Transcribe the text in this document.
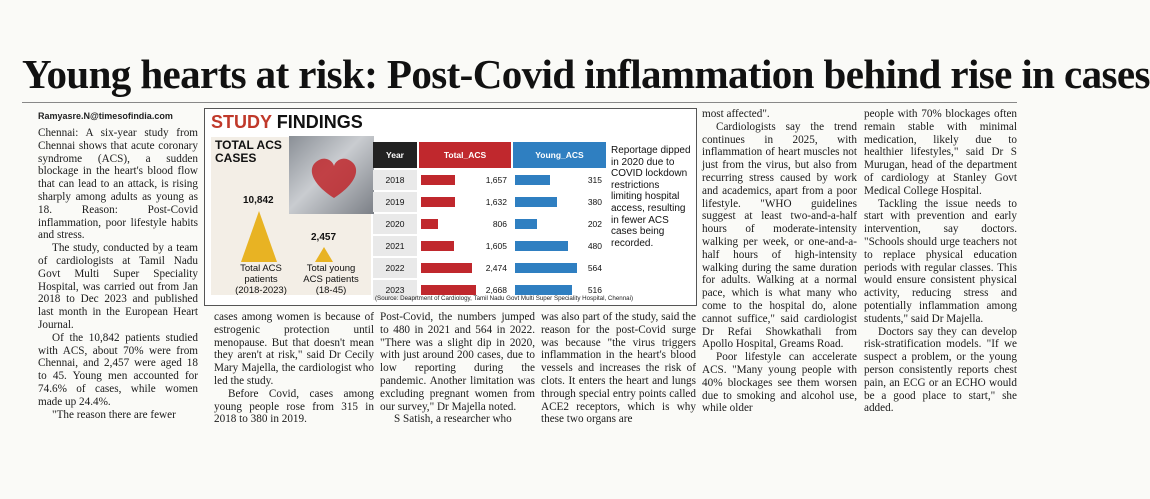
Young hearts at risk: Post-Covid inflammation behind rise in cases
Ramyasre.N@timesofindia.com

Chennai: A six-year study from Chennai shows that acute coronary syndrome (ACS), a sudden blockage in the heart's blood flow that can lead to an attack, is rising sharply among adults as young as 18. Reason: Post-Covid inflammation, poor lifestyle habits and stress.

The study, conducted by a team of cardiologists at Tamil Nadu Govt Multi Super Speciality Hospital, was carried out from Jan 2018 to Dec 2023 and published last month in the European Heart Journal.

Of the 10,842 patients studied with ACS, about 70% were from Chennai, and 2,457 were aged 18 to 45. Young men accounted for 74.6% of cases, while women made up 24.4%.

"The reason there are fewer

STUDY FINDINGS
TOTAL ACS
CASES
10,842
2,457
Total ACS
patients
(2018-2023)
Total young
ACS patients
(18-45)
Year	Total_ACS	Young_ACS
2018	1,657	315
2019	1,632	380
2020	806	202
2021	1,605	480
2022	2,474	564
2023	2,668	516
Reportage dipped in 2020 due to COVID lockdown restrictions limiting hospital access, resulting in fewer ACS cases being recorded.
(Source: Deaprtment of Cardiology, Tamil Nadu Govt Multi Super Speciality Hospital, Chennai)

cases among women is because of estrogenic protection until menopause. But that doesn't mean they aren't at risk," said Dr Cecily Mary Majella, the cardiologist who led the study.

Before Covid, cases among young people rose from 315 in 2018 to 380 in 2019.

Post-Covid, the numbers jumped to 480 in 2021 and 564 in 2022. "There was a slight dip in 2020, with just around 200 cases, due to low reporting during the pandemic. Another limitation was excluding pregnant women from our survey," Dr Majella noted.

S Satish, a researcher who

was also part of the study, said the reason for the post-Covid surge was because "the virus triggers inflammation in the heart's blood vessels and increases the risk of clots. It enters the heart and lungs through special entry points called ACE2 receptors, which is why these two organs are

most affected".

Cardiologists say the trend continues in 2025, with inflammation of heart muscles not just from the virus, but also from recurring stress caused by work and academics, apart from a poor lifestyle. "WHO guidelines suggest at least two-and-a-half hours of moderate-intensity walking per week, or one-and-a-half hours of high-intensity walking during the same duration for adults. Walking at a normal pace, which is what many who come to the hospital do, alone cannot suffice," said cardiologist Dr Refai Showkathali from Apollo Hospital, Greams Road.

Poor lifestyle can accelerate ACS. "Many young people with 40% blockages see them worsen due to smoking and alcohol use, while older

people with 70% blockages often remain stable with minimal medication, likely due to healthier lifestyles," said Dr S Murugan, head of the department of cardiology at Stanley Govt Medical College Hospital.

Tackling the issue needs to start with prevention and early intervention, say doctors. "Schools should urge teachers not to replace physical education periods with regular classes. This would ensure consistent physical activity, reducing stress and potentially inflammation among students," said Dr Majella.

Doctors say they can develop risk-stratification models. "If we suspect a problem, or the young person consistently reports chest pain, an ECG or an ECHO would be a good place to start," she added.
